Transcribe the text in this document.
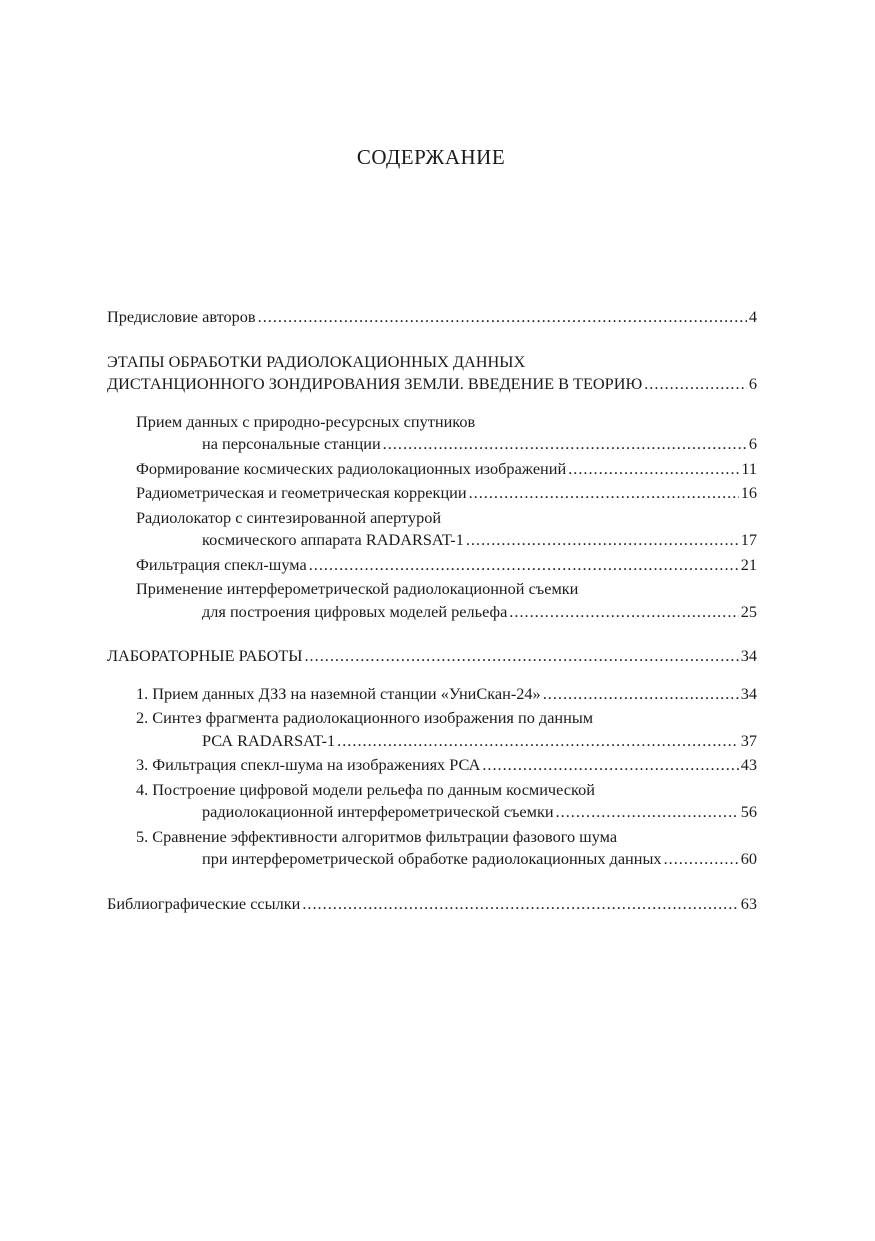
СОДЕРЖАНИЕ
Предисловие авторов .....	4
ЭТАПЫ ОБРАБОТКИ РАДИОЛОКАЦИОННЫХ ДАННЫХ
ДИСТАНЦИОННОГО ЗОНДИРОВАНИЯ ЗЕМЛИ. ВВЕДЕНИЕ В ТЕОРИЮ .....	6
Прием данных с природно-ресурсных спутников
на персональные станции .....	6
Формирование космических радиолокационных изображений .....	11
Радиометрическая и геометрическая коррекции .....	16
Радиолокатор с синтезированной апертурой
космического аппарата RADARSAT-1 .....	17
Фильтрация спекл-шума .....	21
Применение интерферометрической радиолокационной съемки
для построения цифровых моделей рельефа .....	25
ЛАБОРАТОРНЫЕ РАБОТЫ .....	34
1. Прием данных ДЗЗ на наземной станции «УниСкан-24» .....	34
2. Синтез фрагмента радиолокационного изображения по данным
РСА RADARSAT-1 .....	37
3. Фильтрация спекл-шума на изображениях РСА .....	43
4. Построение цифровой модели рельефа по данным космической
радиолокационной интерферометрической съемки .....	56
5. Сравнение эффективности алгоритмов фильтрации фазового шума
при интерферометрической обработке радиолокационных данных .....	60
Библиографические ссылки .....	63
